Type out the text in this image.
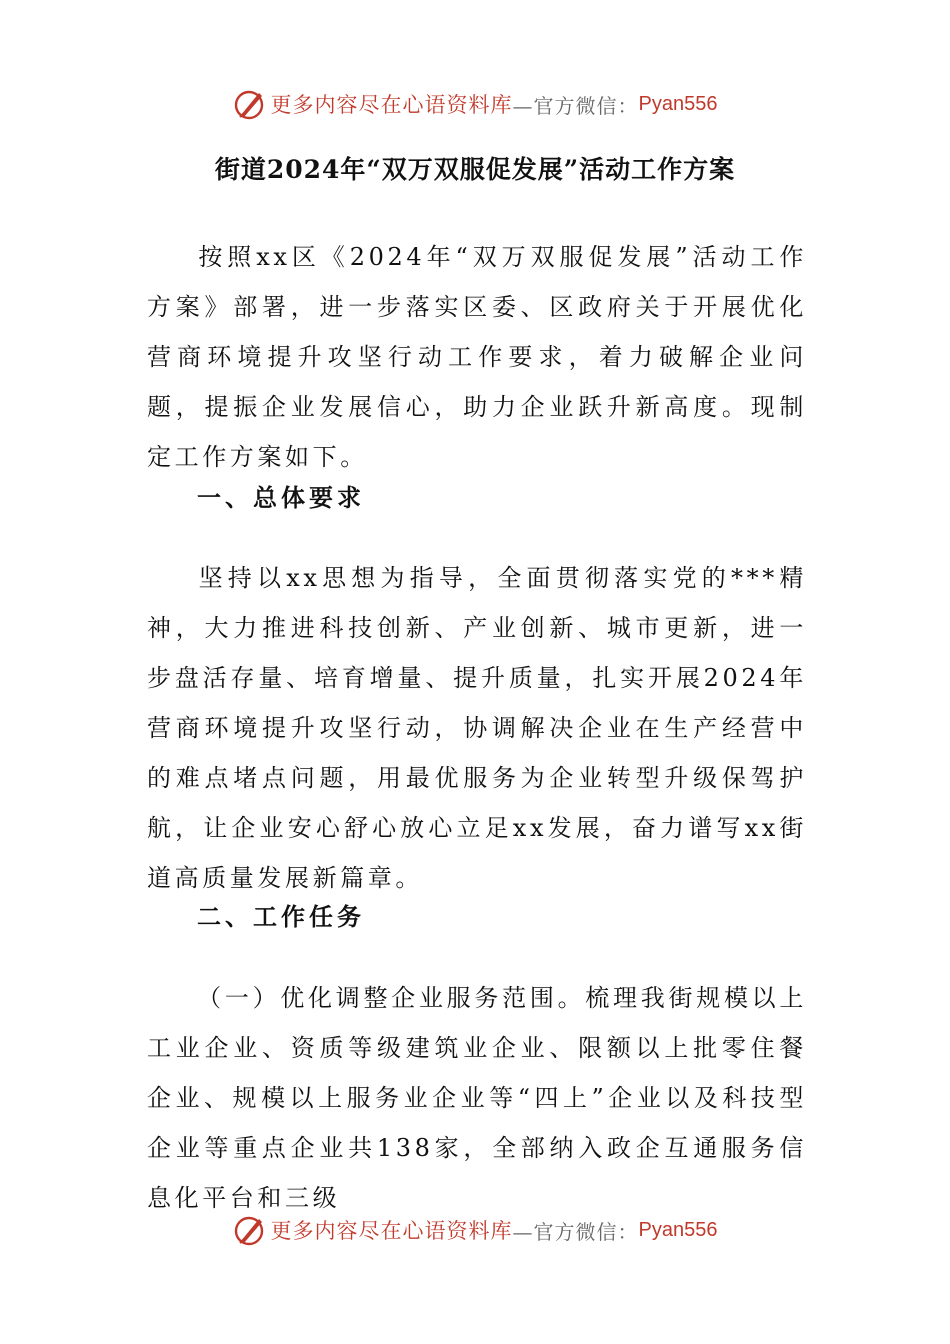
更多内容尽在心语资料库 —官方微信： Pyan556
街道2024年“双万双服促发展”活动工作方案

按照xx区《2024年“双万双服促发展”活动工作方案》部署，进一步落实区委、区政府关于开展优化营商环境提升攻坚行动工作要求，着力破解企业问题，提振企业发展信心，助力企业跃升新高度。现制定工作方案如下。

一、总体要求

坚持以xx思想为指导，全面贯彻落实党的***精神，大力推进科技创新、产业创新、城市更新，进一步盘活存量、培育增量、提升质量，扎实开展2024年营商环境提升攻坚行动，协调解决企业在生产经营中的难点堵点问题，用最优服务为企业转型升级保驾护航，让企业安心舒心放心立足xx发展，奋力谱写xx街道高质量发展新篇章。

二、工作任务

（一）优化调整企业服务范围。梳理我街规模以上工业企业、资质等级建筑业企业、限额以上批零住餐企业、规模以上服务业企业等“四上”企业以及科技型企业等重点企业共138家，全部纳入政企互通服务信息化平台和三级

更多内容尽在心语资料库 —官方微信： Pyan556
